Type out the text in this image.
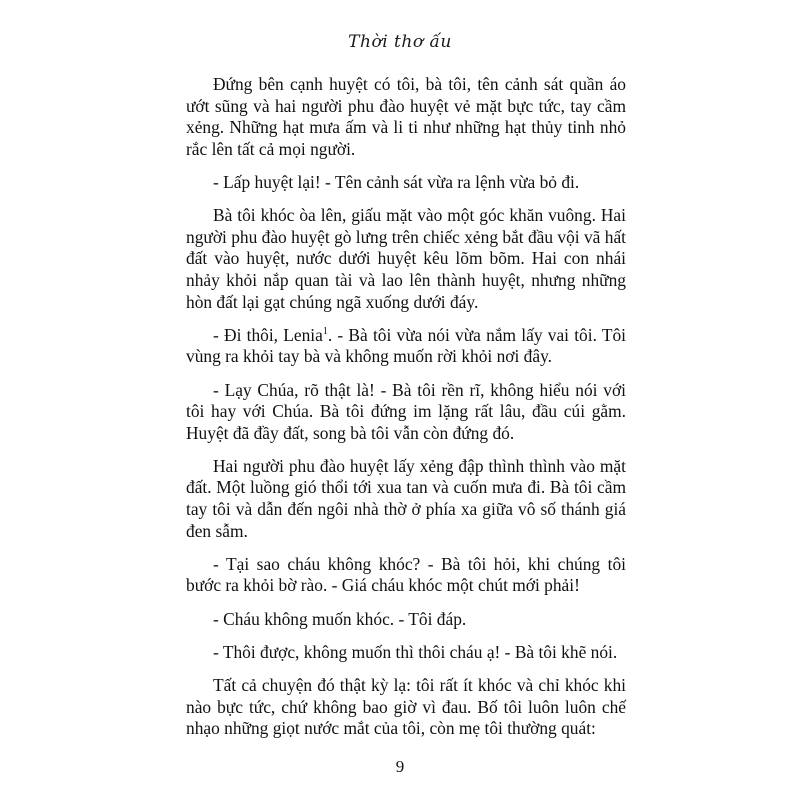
Thời thơ ấu

Đứng bên cạnh huyệt có tôi, bà tôi, tên cảnh sát quần áo ướt sũng và hai người phu đào huyệt vẻ mặt bực tức, tay cầm xẻng. Những hạt mưa ấm và li ti như những hạt thủy tinh nhỏ rắc lên tất cả mọi người.

- Lấp huyệt lại! - Tên cảnh sát vừa ra lệnh vừa bỏ đi.

Bà tôi khóc òa lên, giấu mặt vào một góc khăn vuông. Hai người phu đào huyệt gò lưng trên chiếc xẻng bắt đầu vội vã hất đất vào huyệt, nước dưới huyệt kêu lõm bõm. Hai con nhái nhảy khỏi nắp quan tài và lao lên thành huyệt, nhưng những hòn đất lại gạt chúng ngã xuống dưới đáy.

- Đi thôi, Lenia$^1$. - Bà tôi vừa nói vừa nắm lấy vai tôi. Tôi vùng ra khỏi tay bà và không muốn rời khỏi nơi đây.

- Lạy Chúa, rõ thật là! - Bà tôi rền rĩ, không hiểu nói với tôi hay với Chúa. Bà tôi đứng im lặng rất lâu, đầu cúi gằm. Huyệt đã đầy đất, song bà tôi vẫn còn đứng đó.

Hai người phu đào huyệt lấy xẻng đập thình thình vào mặt đất. Một luồng gió thổi tới xua tan và cuốn mưa đi. Bà tôi cầm tay tôi và dẫn đến ngôi nhà thờ ở phía xa giữa vô số thánh giá đen sẫm.

- Tại sao cháu không khóc? - Bà tôi hỏi, khi chúng tôi bước ra khỏi bờ rào. - Giá cháu khóc một chút mới phải!

- Cháu không muốn khóc. - Tôi đáp.

- Thôi được, không muốn thì thôi cháu ạ! - Bà tôi khẽ nói.

Tất cả chuyện đó thật kỳ lạ: tôi rất ít khóc và chỉ khóc khi nào bực tức, chứ không bao giờ vì đau. Bố tôi luôn luôn chế nhạo những giọt nước mắt của tôi, còn mẹ tôi thường quát:

9
